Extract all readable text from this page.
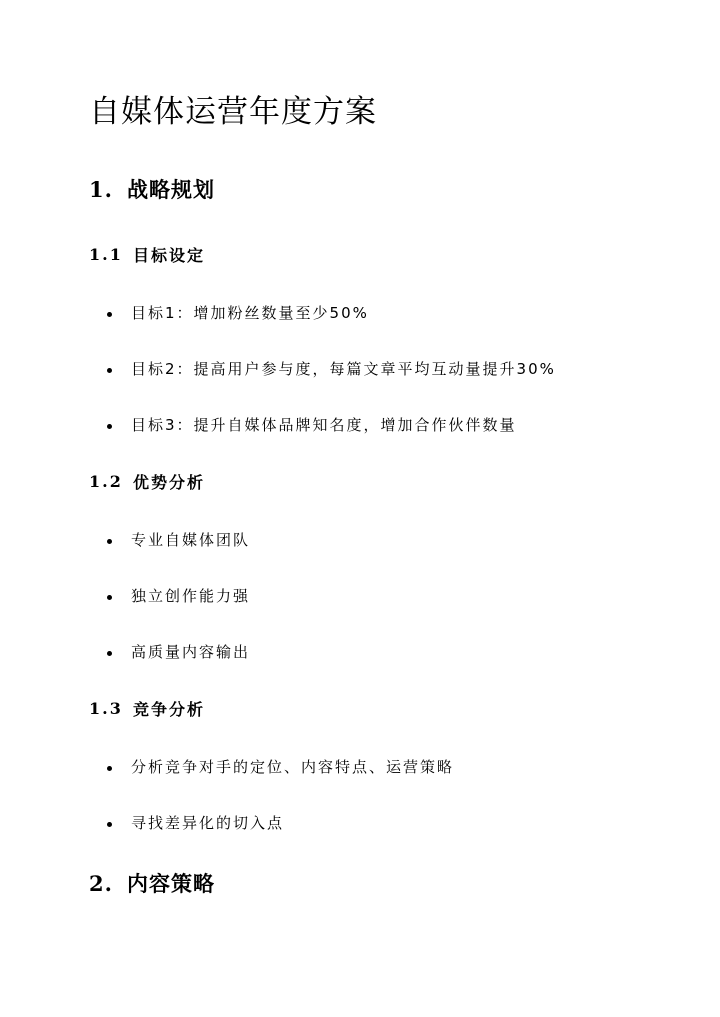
自媒体运营年度方案
1. 战略规划
1.1 目标设定
目标1：增加粉丝数量至少50%
目标2：提高用户参与度，每篇文章平均互动量提升30%
目标3：提升自媒体品牌知名度，增加合作伙伴数量
1.2 优势分析
专业自媒体团队
独立创作能力强
高质量内容输出
1.3 竞争分析
分析竞争对手的定位、内容特点、运营策略
寻找差异化的切入点
2. 内容策略
